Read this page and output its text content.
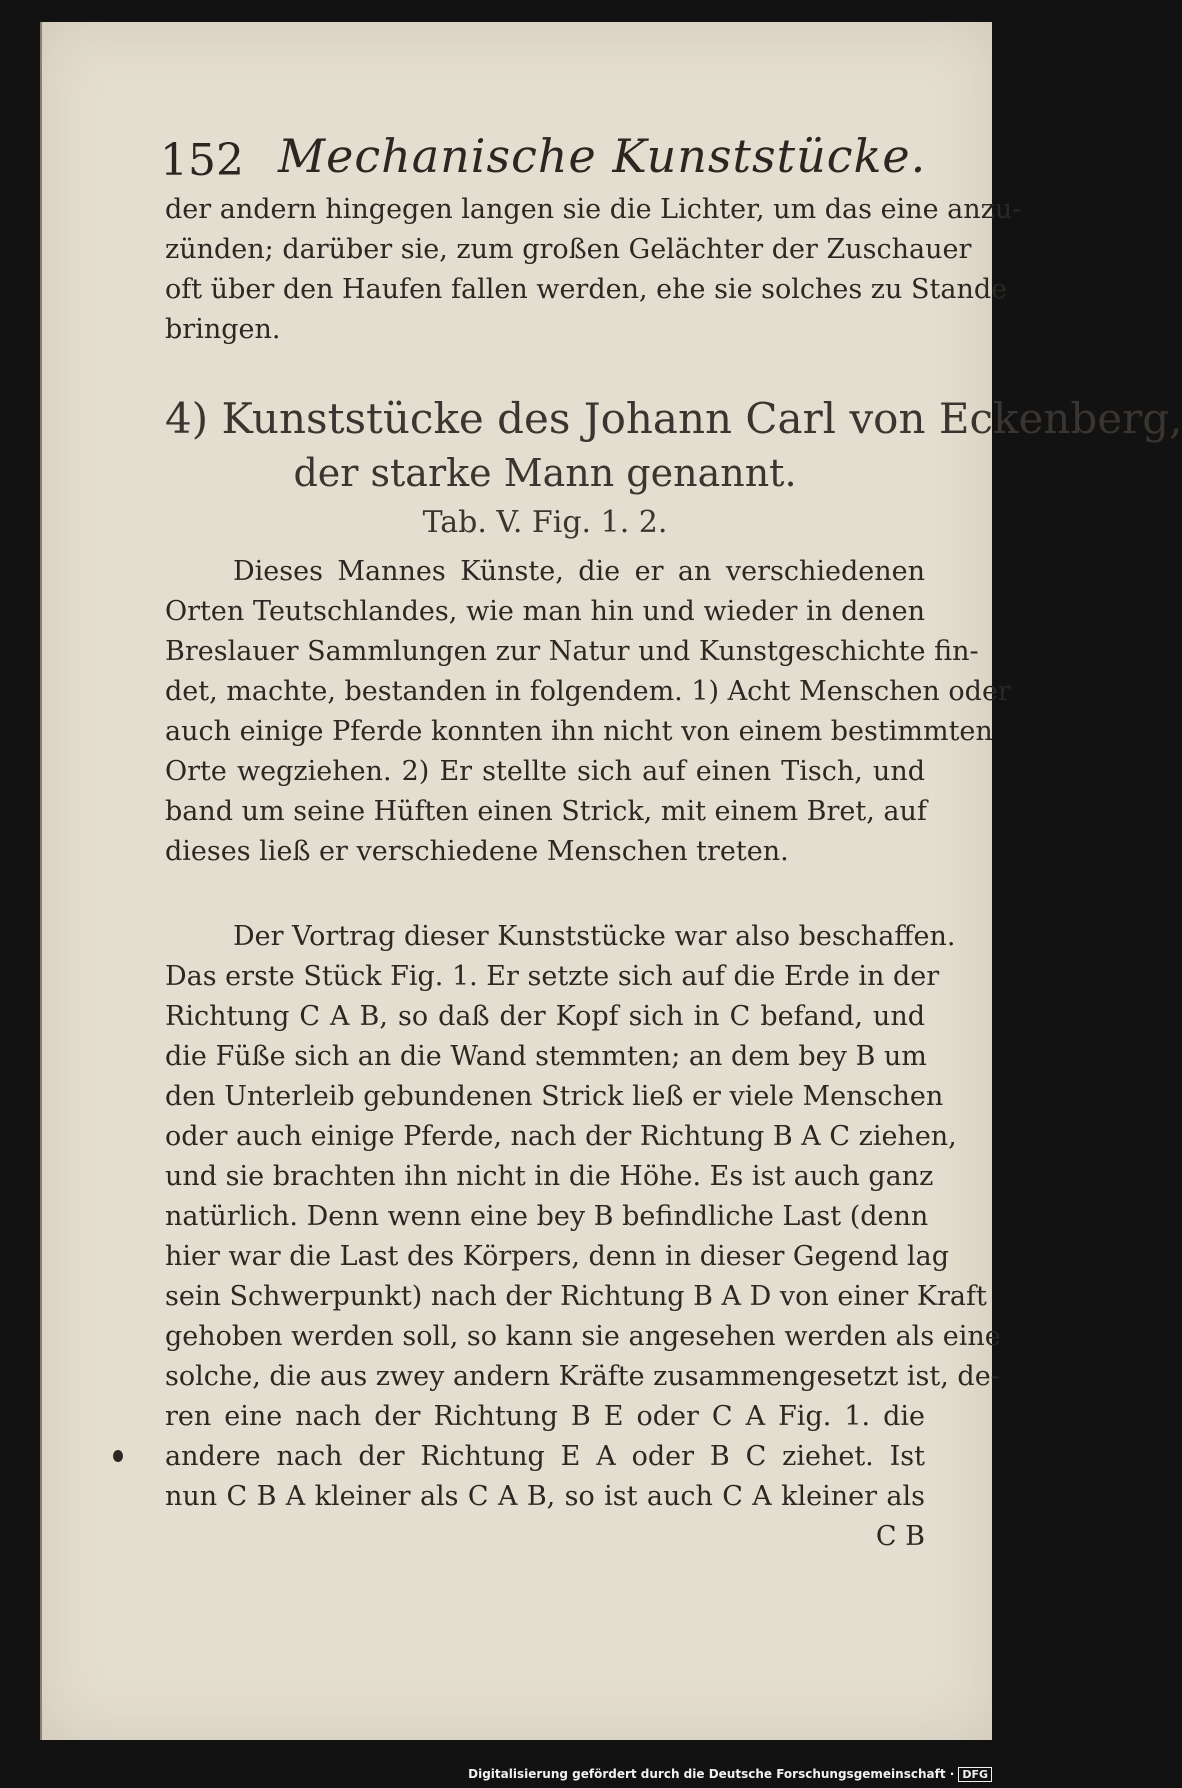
152 Mechanische Kunststücke.
der andern hingegen langen sie die Lichter, um das eine anzu-
zünden; darüber sie, zum großen Gelächter der Zuschauer
oft über den Haufen fallen werden, ehe sie solches zu Stande
bringen.
4) Kunststücke des Johann Carl von Eckenberg,
der starke Mann genannt.
Tab. V. Fig. 1. 2.
Dieses Mannes Künste, die er an verschiedenen
Orten Teutschlandes, wie man hin und wieder in denen
Breslauer Sammlungen zur Natur und Kunstgeschichte fin-
det, machte, bestanden in folgendem. 1) Acht Menschen oder
auch einige Pferde konnten ihn nicht von einem bestimmten
Orte wegziehen. 2) Er stellte sich auf einen Tisch, und
band um seine Hüften einen Strick, mit einem Bret, auf
dieses ließ er verschiedene Menschen treten.
Der Vortrag dieser Kunststücke war also beschaffen.
Das erste Stück Fig. 1. Er setzte sich auf die Erde in der
Richtung C A B, so daß der Kopf sich in C befand, und
die Füße sich an die Wand stemmten; an dem bey B um
den Unterleib gebundenen Strick ließ er viele Menschen
oder auch einige Pferde, nach der Richtung B A C ziehen,
und sie brachten ihn nicht in die Höhe. Es ist auch ganz
natürlich. Denn wenn eine bey B befindliche Last (denn
hier war die Last des Körpers, denn in dieser Gegend lag
sein Schwerpunkt) nach der Richtung B A D von einer Kraft
gehoben werden soll, so kann sie angesehen werden als eine
solche, die aus zwey andern Kräfte zusammengesetzt ist, de-
ren eine nach der Richtung B E oder C A Fig. 1. die
andere nach der Richtung E A oder B C ziehet. Ist
nun C B A kleiner als C A B, so ist auch C A kleiner als
C B
Digitalisierung gefördert durch die Deutsche Forschungsgemeinschaft · DFG
